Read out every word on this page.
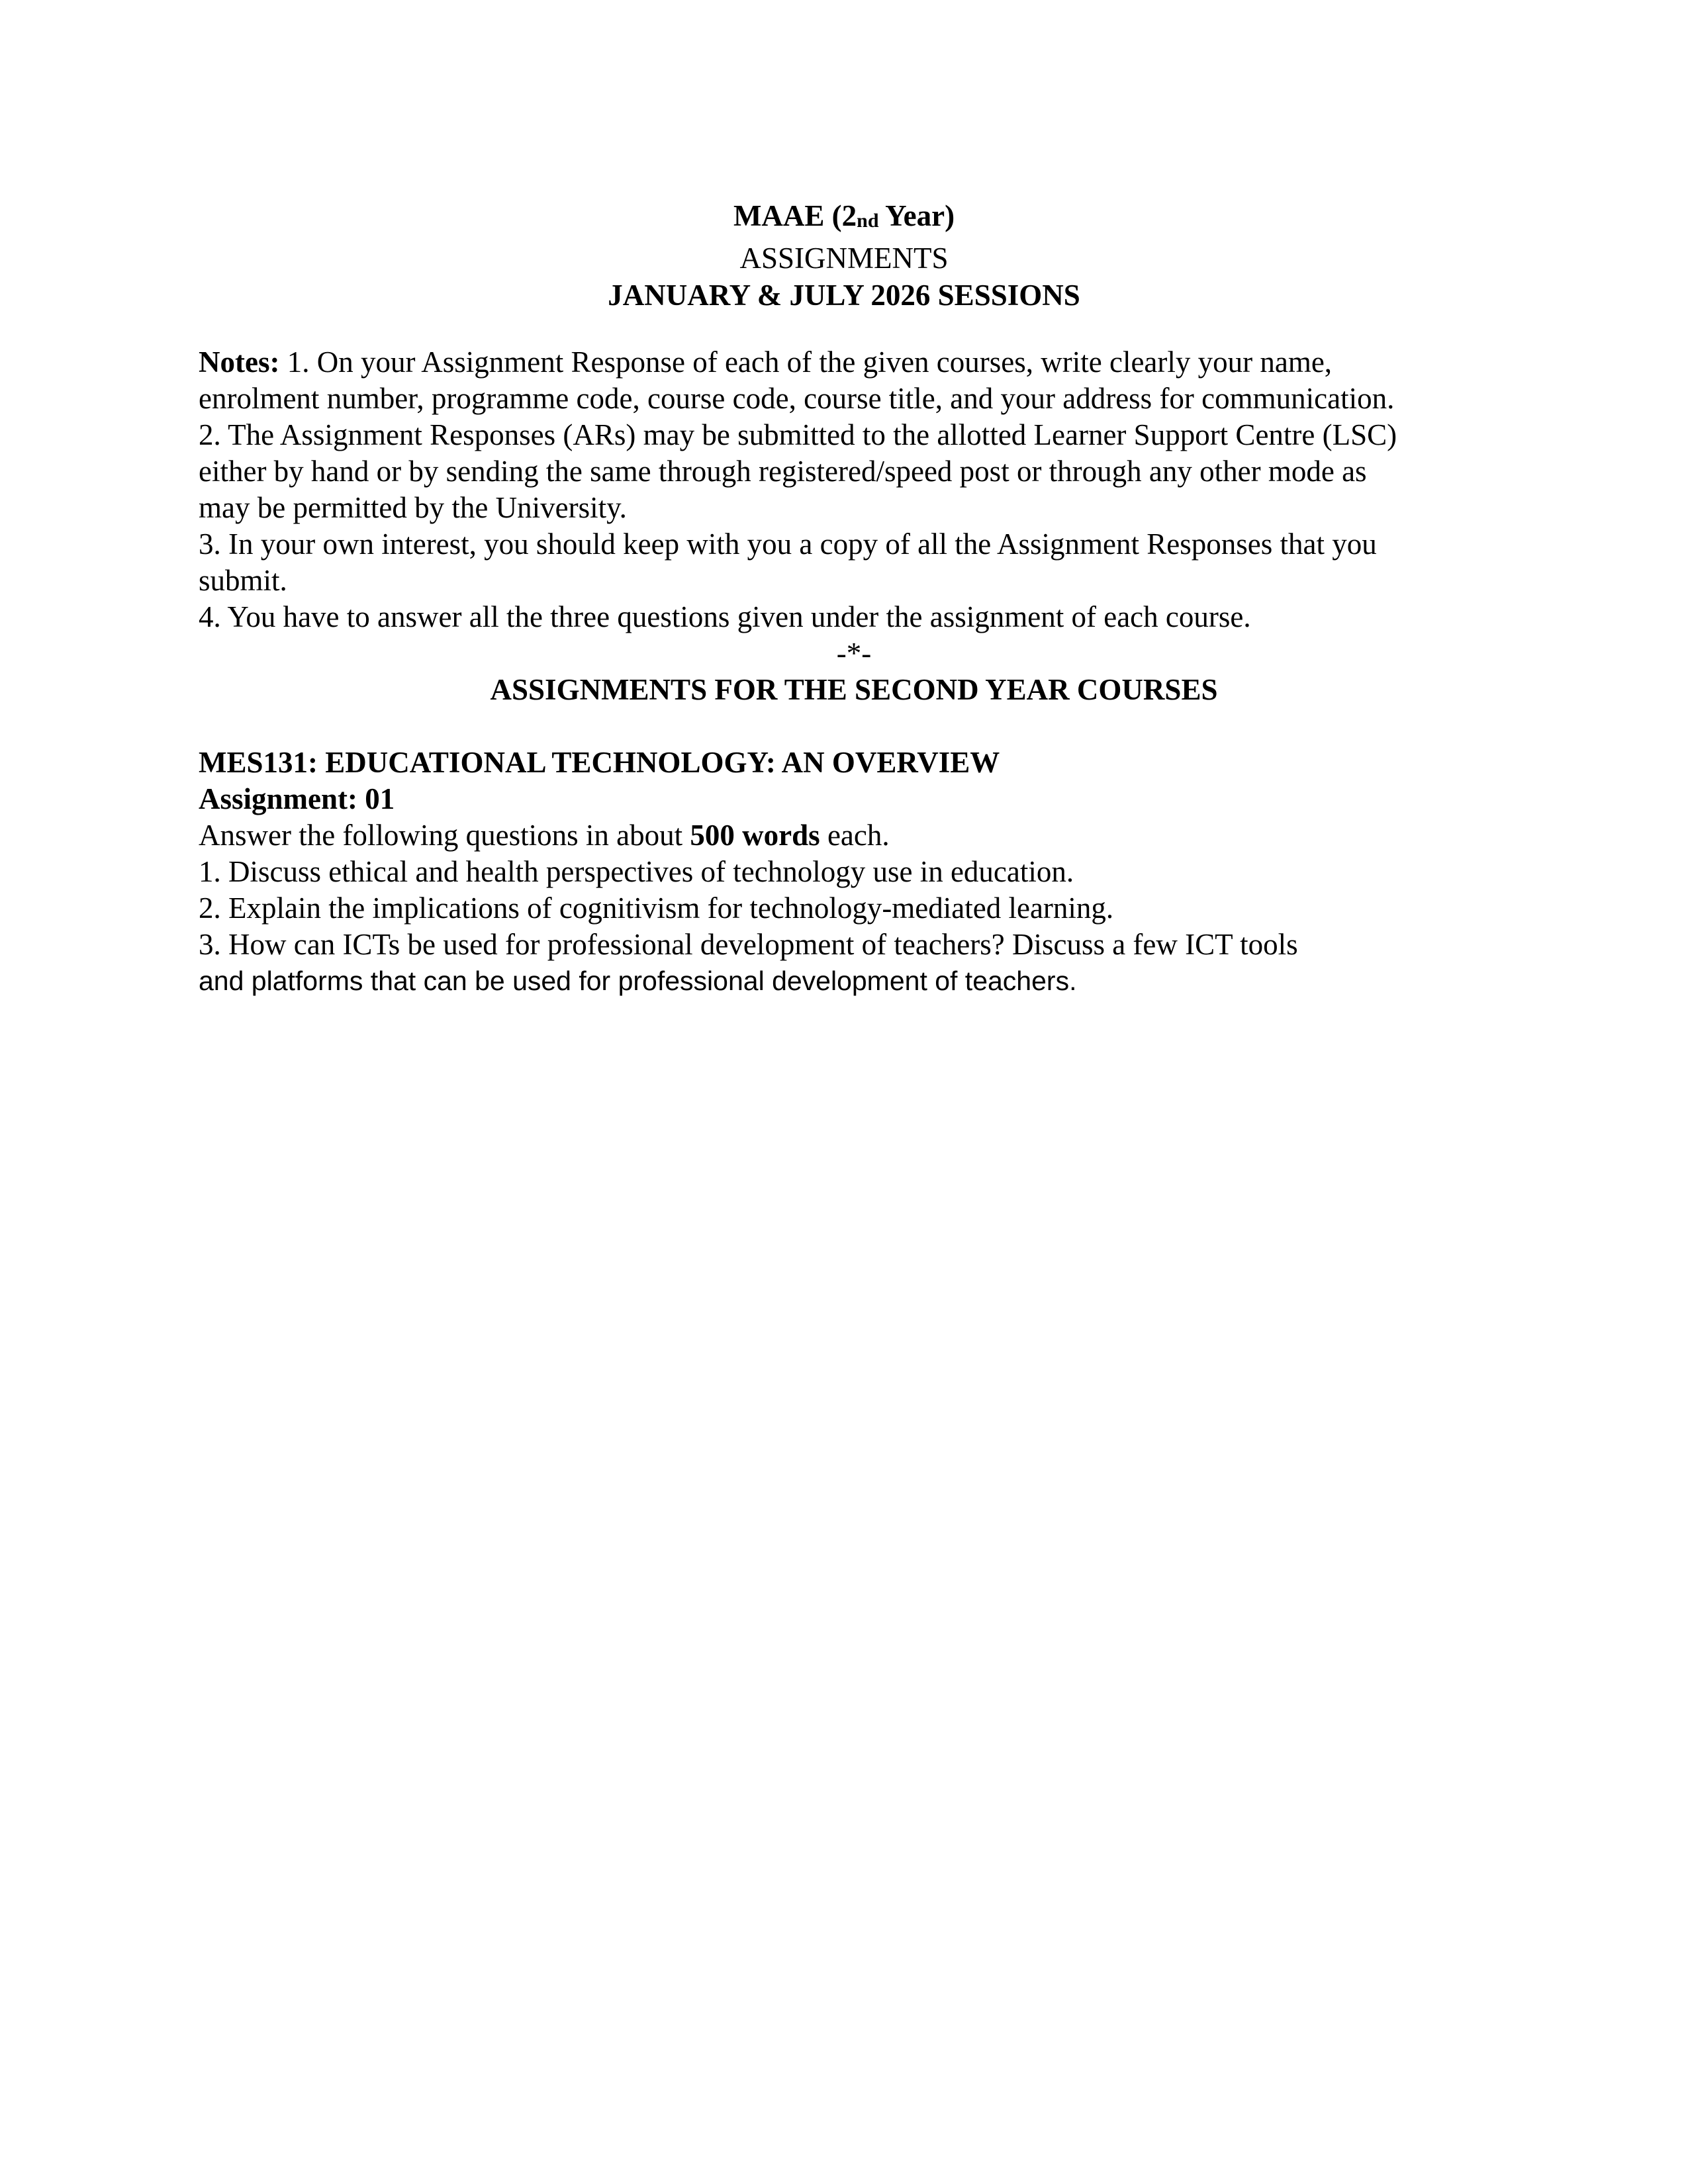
MAAE (2nd Year)
ASSIGNMENTS
JANUARY & JULY 2026 SESSIONS

Notes: 1. On your Assignment Response of each of the given courses, write clearly your name,

enrolment number, programme code, course code, course title, and your address for communication.

2. The Assignment Responses (ARs) may be submitted to the allotted Learner Support Centre (LSC)

either by hand or by sending the same through registered/speed post or through any other mode as

may be permitted by the University.

3. In your own interest, you should keep with you a copy of all the Assignment Responses that you

submit.

4. You have to answer all the three questions given under the assignment of each course.

-*-

ASSIGNMENTS FOR THE SECOND YEAR COURSES

MES131: EDUCATIONAL TECHNOLOGY: AN OVERVIEW

Assignment: 01

Answer the following questions in about 500 words each.

1. Discuss ethical and health perspectives of technology use in education.

2. Explain the implications of cognitivism for technology-mediated learning.

3. How can ICTs be used for professional development of teachers? Discuss a few ICT tools

and platforms that can be used for professional development of teachers.
